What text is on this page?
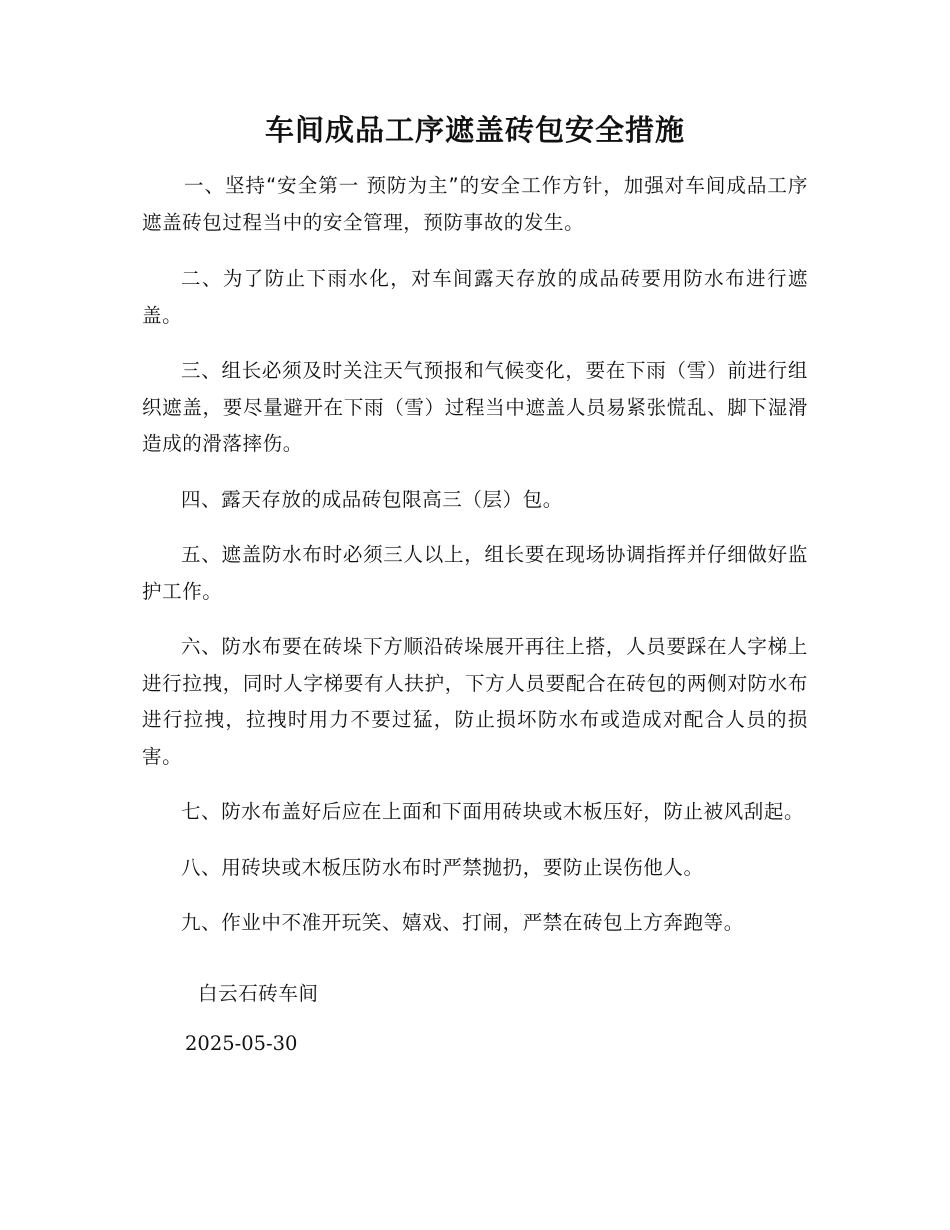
车间成品工序遮盖砖包安全措施

一、坚持“安全第一 预防为主”的安全工作方针，加强对车间成品工序遮盖砖包过程当中的安全管理，预防事故的发生。

二、为了防止下雨水化，对车间露天存放的成品砖要用防水布进行遮盖。

三、组长必须及时关注天气预报和气候变化，要在下雨（雪）前进行组织遮盖，要尽量避开在下雨（雪）过程当中遮盖人员易紧张慌乱、脚下湿滑造成的滑落摔伤。

四、露天存放的成品砖包限高三（层）包。

五、遮盖防水布时必须三人以上，组长要在现场协调指挥并仔细做好监护工作。

六、防水布要在砖垛下方顺沿砖垛展开再往上搭，人员要踩在人字梯上进行拉拽，同时人字梯要有人扶护，下方人员要配合在砖包的两侧对防水布进行拉拽，拉拽时用力不要过猛，防止损坏防水布或造成对配合人员的损害。

七、防水布盖好后应在上面和下面用砖块或木板压好，防止被风刮起。

八、用砖块或木板压防水布时严禁抛扔，要防止误伤他人。

九、作业中不准开玩笑、嬉戏、打闹，严禁在砖包上方奔跑等。

白云石砖车间
2025-05-30
